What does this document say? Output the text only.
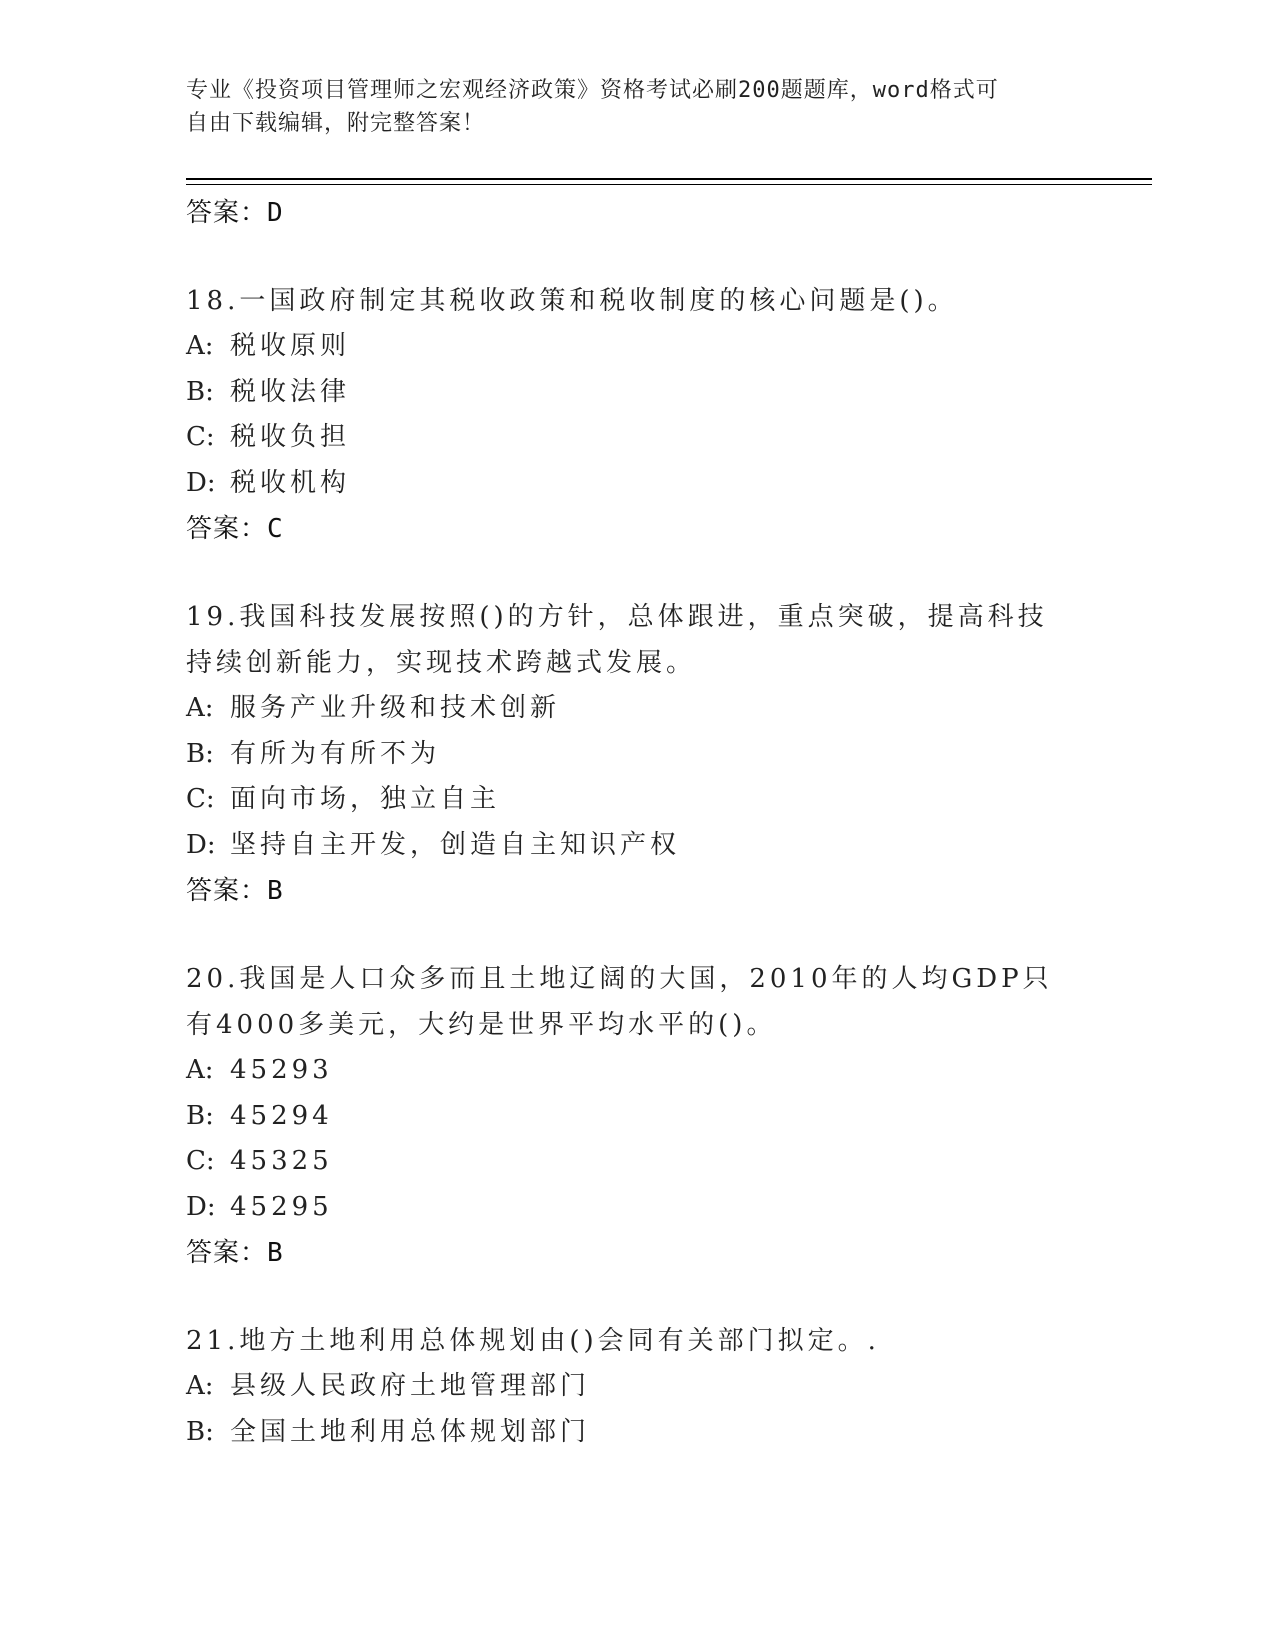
专业《投资项目管理师之宏观经济政策》资格考试必刷200题题库，word格式可
自由下载编辑，附完整答案！
答案：D
18.一国政府制定其税收政策和税收制度的核心问题是()。
A: 税收原则
B: 税收法律
C: 税收负担
D: 税收机构
答案：C
19.我国科技发展按照()的方针，总体跟进，重点突破，提高科技持续创新能力，实现技术跨越式发展。
A: 服务产业升级和技术创新
B: 有所为有所不为
C: 面向市场，独立自主
D: 坚持自主开发，创造自主知识产权
答案：B
20.我国是人口众多而且土地辽阔的大国，2010年的人均GDP只有4000多美元，大约是世界平均水平的()。
A: 45293
B: 45294
C: 45325
D: 45295
答案：B
21.地方土地利用总体规划由()会同有关部门拟定。.
A: 县级人民政府土地管理部门
B: 全国土地利用总体规划部门
